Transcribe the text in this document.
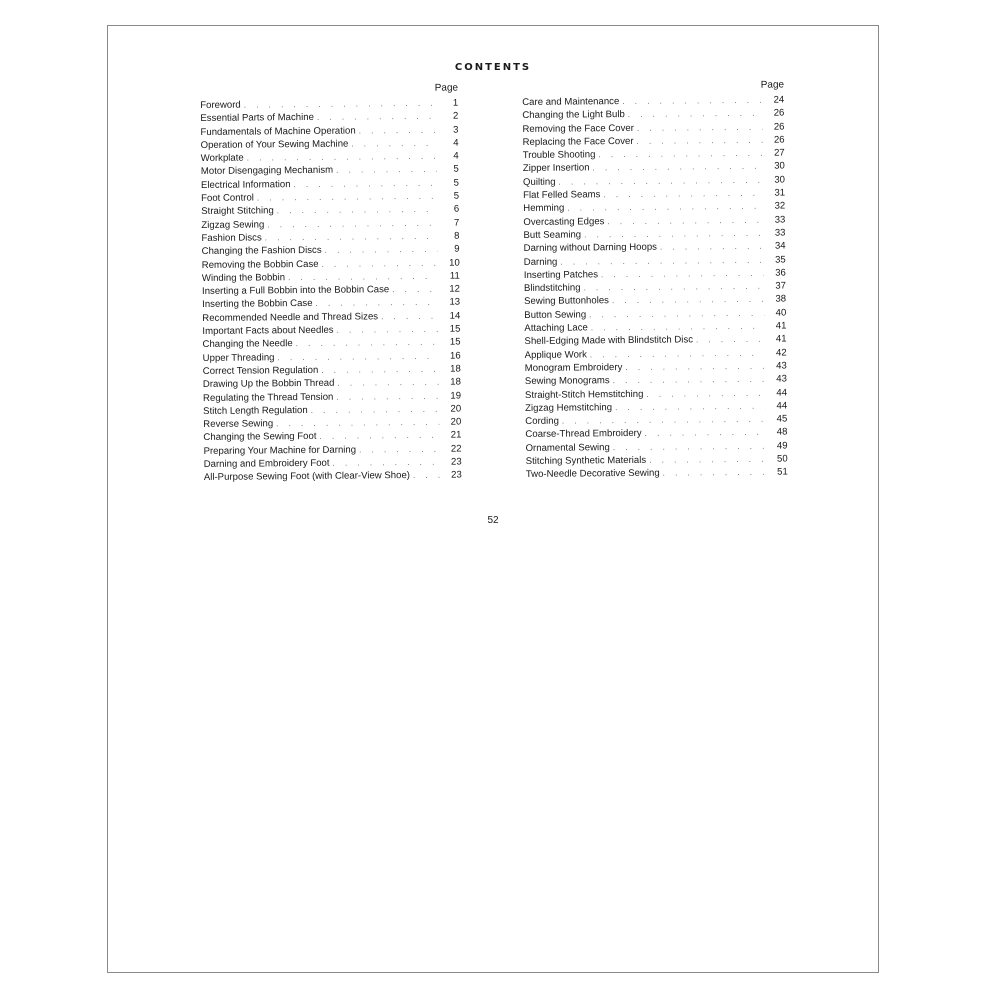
CONTENTS
Page
Foreword . . .	1
Essential Parts of Machine . . .	2
Fundamentals of Machine Operation . . .	3
Operation of Your Sewing Machine . . .	4
Workplate . . .	4
Motor Disengaging Mechanism . . .	5
Electrical Information . . .	5
Foot Control . . .	5
Straight Stitching . . .	6
Zigzag Sewing . . .	7
Fashion Discs . . .	8
Changing the Fashion Discs . . .	9
Removing the Bobbin Case . . .	10
Winding the Bobbin . . .	11
Inserting a Full Bobbin into the Bobbin Case . . .	12
Inserting the Bobbin Case . . .	13
Recommended Needle and Thread Sizes . . .	14
Important Facts about Needles . . .	15
Changing the Needle . . .	15
Upper Threading . . .	16
Correct Tension Regulation . . .	18
Drawing Up the Bobbin Thread . . .	18
Regulating the Thread Tension . . .	19
Stitch Length Regulation . . .	20
Reverse Sewing . . .	20
Changing the Sewing Foot . . .	21
Preparing Your Machine for Darning . . .	22
Darning and Embroidery Foot . . .	23
All-Purpose Sewing Foot (with Clear-View Shoe) . . .	23
Page
Care and Maintenance . . .	24
Changing the Light Bulb . . .	26
Removing the Face Cover . . .	26
Replacing the Face Cover . . .	26
Trouble Shooting . . .	27
Zipper Insertion . . .	30
Quilting . . .	30
Flat Felled Seams . . .	31
Hemming . . .	32
Overcasting Edges . . .	33
Butt Seaming . . .	33
Darning without Darning Hoops . . .	34
Darning . . .	35
Inserting Patches . . .	36
Blindstitching . . .	37
Sewing Buttonholes . . .	38
Button Sewing . . .	40
Attaching Lace . . .	41
Shell-Edging Made with Blindstitch Disc . . .	41
Applique Work . . .	42
Monogram Embroidery . . .	43
Sewing Monograms . . .	43
Straight-Stitch Hemstitching . . .	44
Zigzag Hemstitching . . .	44
Cording . . .	45
Coarse-Thread Embroidery . . .	48
Ornamental Sewing . . .	49
Stitching Synthetic Materials . . .	50
Two-Needle Decorative Sewing . . .	51
52
